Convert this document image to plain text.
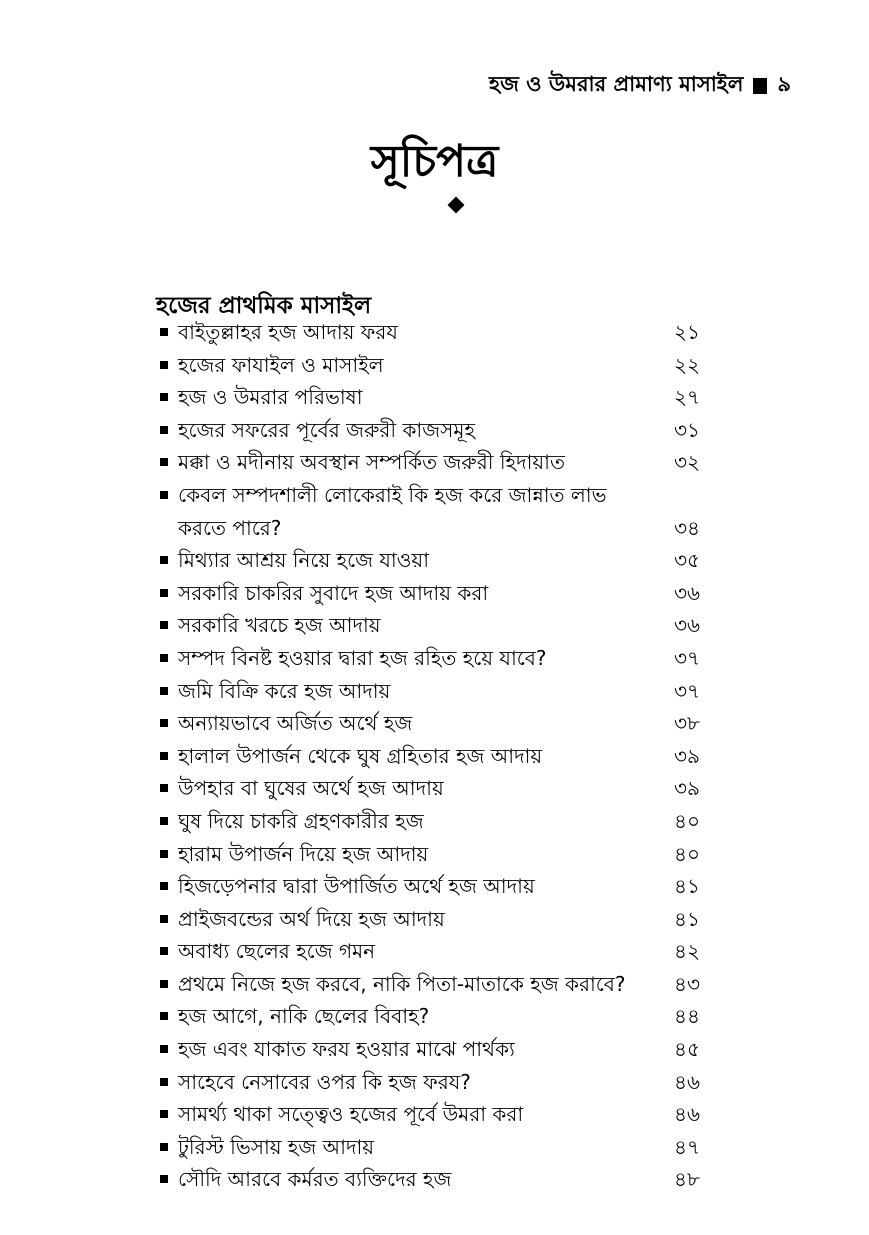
হজ ও উমরার প্রামাণ্য মাসাইল ৯
সূচিপত্র
হজের প্রাথমিক মাসাইল
বাইতুল্লাহর হজ আদায় ফরয	২১
হজের ফাযাইল ও মাসাইল	২২
হজ ও উমরার পরিভাষা	২৭
হজের সফরের পূর্বের জরুরী কাজসমূহ	৩১
মক্কা ও মদীনায় অবস্থান সম্পর্কিত জরুরী হিদায়াত	৩২
কেবল সম্পদশালী লোকেরাই কি হজ করে জান্নাত লাভ করতে পারে?	৩৪
মিথ্যার আশ্রয় নিয়ে হজে যাওয়া	৩৫
সরকারি চাকরির সুবাদে হজ আদায় করা	৩৬
সরকারি খরচে হজ আদায়	৩৬
সম্পদ বিনষ্ট হওয়ার দ্বারা হজ রহিত হয়ে যাবে?	৩৭
জমি বিক্রি করে হজ আদায়	৩৭
অন্যায়ভাবে অর্জিত অর্থে হজ	৩৮
হালাল উপার্জন থেকে ঘুষ গ্রহিতার হজ আদায়	৩৯
উপহার বা ঘুষের অর্থে হজ আদায়	৩৯
ঘুষ দিয়ে চাকরি গ্রহণকারীর হজ	৪০
হারাম উপার্জন দিয়ে হজ আদায়	৪০
হিজড়েপনার দ্বারা উপার্জিত অর্থে হজ আদায়	৪১
প্রাইজবন্ডের অর্থ দিয়ে হজ আদায়	৪১
অবাধ্য ছেলের হজে গমন	৪২
প্রথমে নিজে হজ করবে, নাকি পিতা-মাতাকে হজ করাবে?	৪৩
হজ আগে, নাকি ছেলের বিবাহ?	৪৪
হজ এবং যাকাত ফরয হওয়ার মাঝে পার্থক্য	৪৫
সাহেবে নেসাবের ওপর কি হজ ফরয?	৪৬
সামর্থ্য থাকা সত্ত্বেও হজের পূর্বে উমরা করা	৪৬
টুরিস্ট ভিসায় হজ আদায়	৪৭
সৌদি আরবে কর্মরত ব্যক্তিদের হজ	৪৮
